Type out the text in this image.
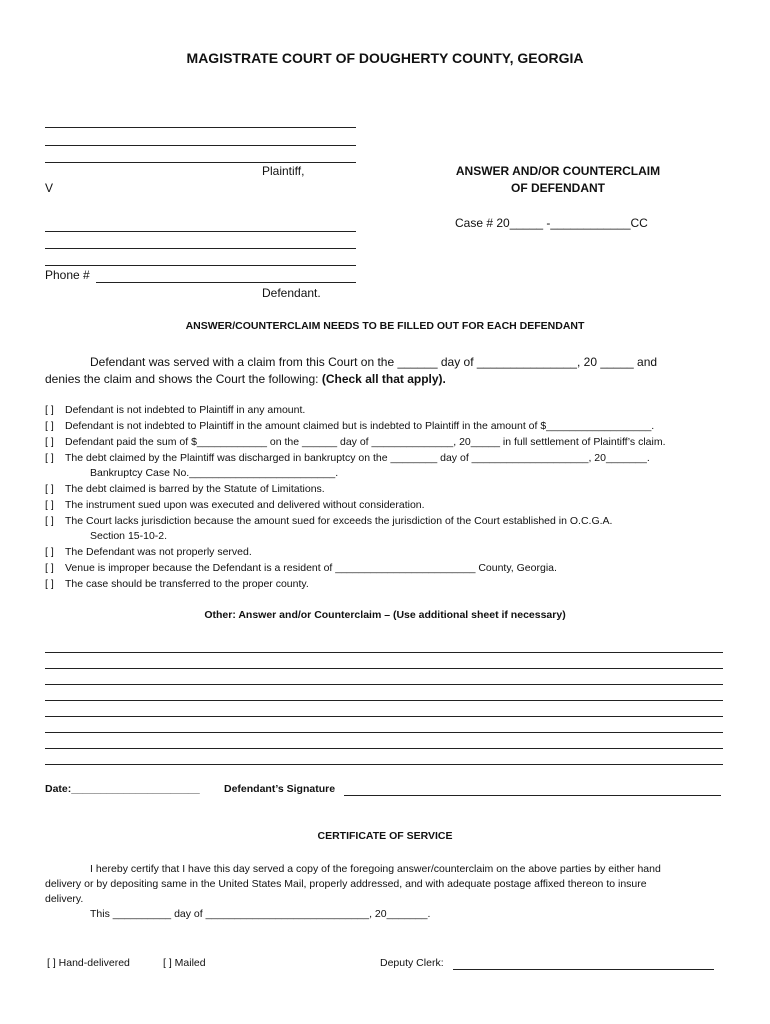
MAGISTRATE COURT OF DOUGHERTY COUNTY, GEORGIA
Plaintiff,
V
ANSWER AND/OR COUNTERCLAIM
OF DEFENDANT
Case # 20_____ -____________CC
Phone #
Defendant.
ANSWER/COUNTERCLAIM NEEDS TO BE FILLED OUT FOR EACH DEFENDANT
Defendant was served with a claim from this Court on the ______ day of _______________, 20 _____ and
denies the claim and shows the Court the following: (Check all that apply).
[ ] Defendant is not indebted to Plaintiff in any amount.
[ ] Defendant is not indebted to Plaintiff in the amount claimed but is indebted to Plaintiff in the amount of $__________________.
[ ] Defendant paid the sum of $____________ on the ______ day of ______________, 20_____ in full settlement of Plaintiff’s claim.
[ ] The debt claimed by the Plaintiff was discharged in bankruptcy on the ________ day of ____________________, 20_______.
Bankruptcy Case No._________________________.
[ ] The debt claimed is barred by the Statute of Limitations.
[ ] The instrument sued upon was executed and delivered without consideration.
[ ] The Court lacks jurisdiction because the amount sued for exceeds the jurisdiction of the Court established in O.C.G.A.
Section 15-10-2.
[ ] The Defendant was not properly served.
[ ] Venue is improper because the Defendant is a resident of ________________________ County, Georgia.
[ ] The case should be transferred to the proper county.
Other: Answer and/or Counterclaim – (Use additional sheet if necessary)
Date:______________________ Defendant’s Signature
CERTIFICATE OF SERVICE
I hereby certify that I have this day served a copy of the foregoing answer/counterclaim on the above parties by either hand
delivery or by depositing same in the United States Mail, properly addressed, and with adequate postage affixed thereon to insure
delivery.
This __________ day of ____________________________, 20_______.
[ ] Hand-delivered	[ ] Mailed	Deputy Clerk:
